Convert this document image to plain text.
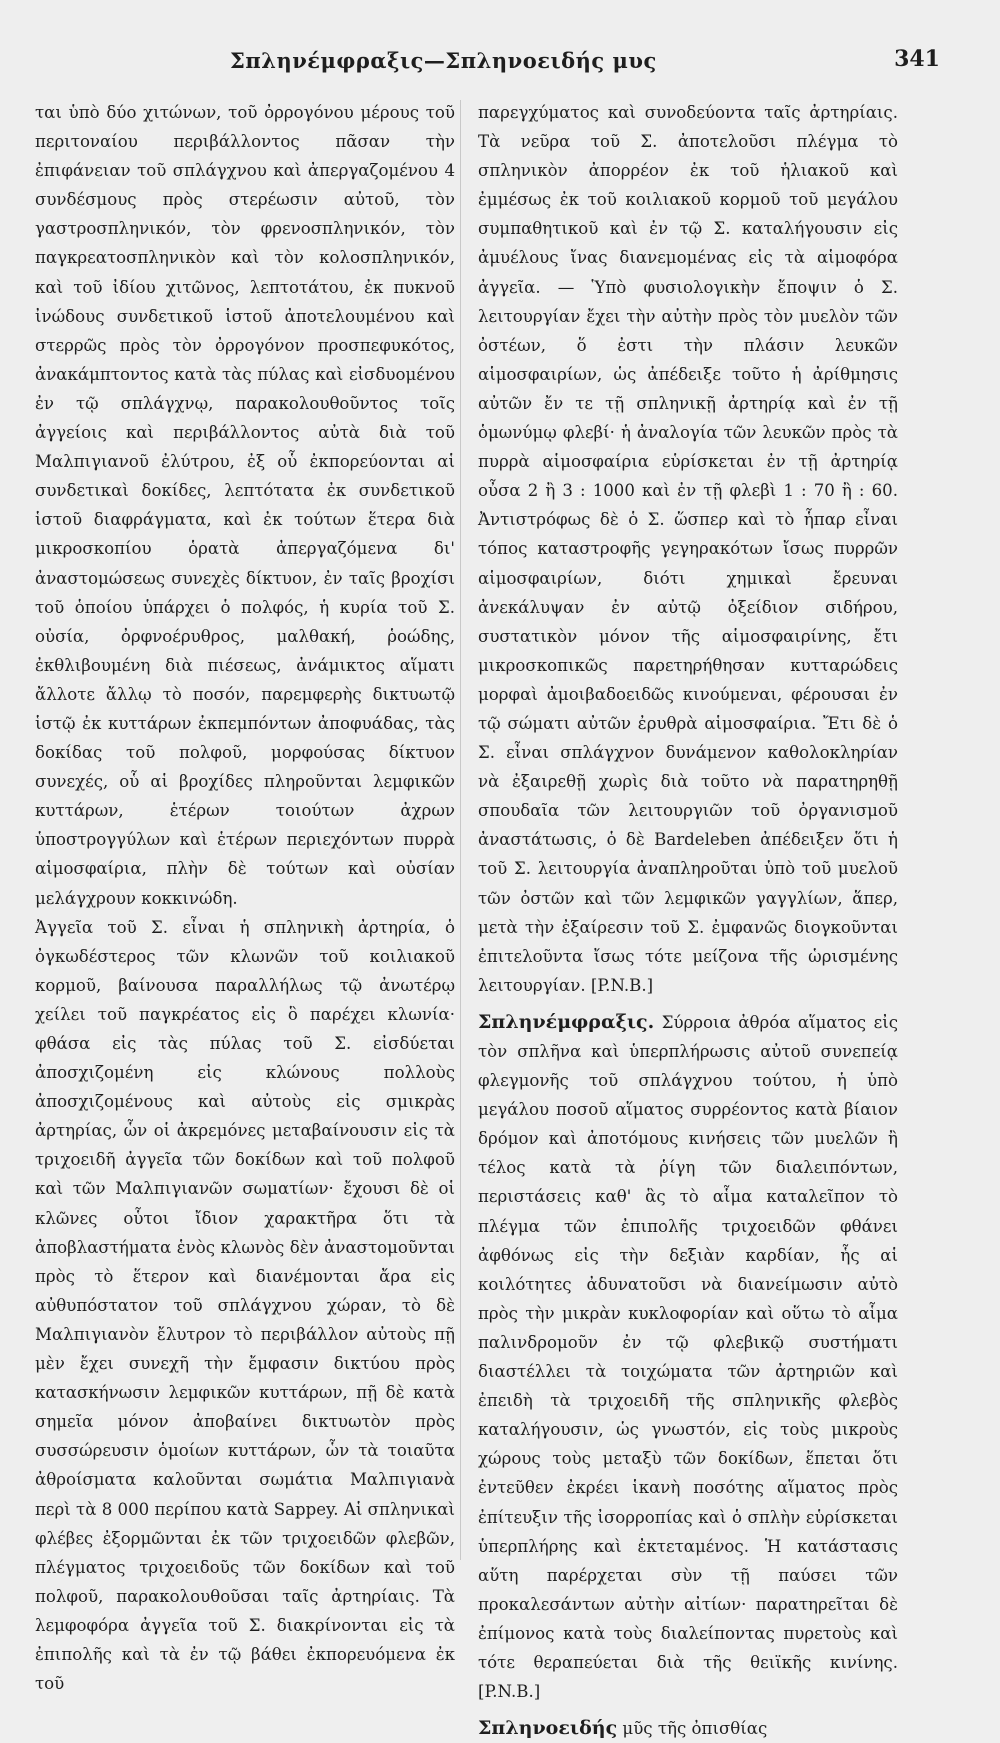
Σπληνέμφραξις—Σπληνοειδής μυς	341

ται ὑπὸ δύο χιτώνων, τοῦ ὀρρογόνου μέρους τοῦ περιτοναίου περιβάλλοντος πᾶσαν τὴν ἐπιφάνειαν τοῦ σπλάγχνου καὶ ἀπεργαζομένου 4 συνδέσμους πρὸς στερέωσιν αὐτοῦ, τὸν γαστροσπληνικόν, τὸν φρενοσπληνικόν, τὸν παγκρεατοσπληνικὸν καὶ τὸν κολοσπληνικόν, καὶ τοῦ ἰδίου χιτῶνος, λεπτοτάτου, ἐκ πυκνοῦ ἰνώδους συνδετικοῦ ἱστοῦ ἀποτελουμένου καὶ στερρῶς πρὸς τὸν ὀρρογόνον προσπεφυκότος, ἀνακάμπτοντος κατὰ τὰς πύλας καὶ εἰσδυομένου ἐν τῷ σπλάγχνῳ, παρακολουθοῦντος τοῖς ἀγγείοις καὶ περιβάλλοντος αὐτὰ διὰ τοῦ Μαλπιγιανοῦ ἐλύτρου, ἐξ οὗ ἐκπορεύονται αἱ συνδετικαὶ δοκίδες, λεπτότατα ἐκ συνδετικοῦ ἱστοῦ διαφράγματα, καὶ ἐκ τούτων ἕτερα διὰ μικροσκοπίου ὁρατὰ ἀπεργαζόμενα δι' ἀναστομώσεως συνεχὲς δίκτυον, ἐν ταῖς βροχίσι τοῦ ὁποίου ὑπάρχει ὁ πολφός, ἡ κυρία τοῦ Σ. οὐσία, ὀρφνοέρυθρος, μαλθακή, ῥοώδης, ἐκθλιβουμένη διὰ πιέσεως, ἀνάμικτος αἵματι ἄλλοτε ἄλλῳ τὸ ποσόν, παρεμφερὴς δικτυωτῷ ἱστῷ ἐκ κυττάρων ἐκπεμπόντων ἀποφυάδας, τὰς δοκίδας τοῦ πολφοῦ, μορφούσας δίκτυον συνεχές, οὗ αἱ βροχίδες πληροῦνται λεμφικῶν κυττάρων, ἑτέρων τοιούτων ἀχρων ὑποστρογγύλων καὶ ἑτέρων περιεχόντων πυρρὰ αἱμοσφαίρια, πλὴν δὲ τούτων καὶ οὐσίαν μελάγχρουν κοκκινώδη.

Ἀγγεῖα τοῦ Σ. εἶναι ἡ σπληνικὴ ἀρτηρία, ὁ ὀγκωδέστερος τῶν κλωνῶν τοῦ κοιλιακοῦ κορμοῦ, βαίνουσα παραλλήλως τῷ ἀνωτέρῳ χείλει τοῦ παγκρέατος εἰς ὃ παρέχει κλωνία· φθάσα εἰς τὰς πύλας τοῦ Σ. εἰσδύεται ἀποσχιζομένη εἰς κλώνους πολλοὺς ἀποσχιζομένους καὶ αὐτοὺς εἰς σμικρὰς ἀρτηρίας, ὧν οἱ ἀκρεμόνες μεταβαίνουσιν εἰς τὰ τριχοειδῆ ἀγγεῖα τῶν δοκίδων καὶ τοῦ πολφοῦ καὶ τῶν Μαλπιγιανῶν σωματίων· ἔχουσι δὲ οἱ κλῶνες οὗτοι ἴδιον χαρακτῆρα ὅτι τὰ ἀποβλαστήματα ἑνὸς κλωνὸς δὲν ἀναστομοῦνται πρὸς τὸ ἕτερον καὶ διανέμονται ἄρα εἰς αὐθυπόστατον τοῦ σπλάγχνου χώραν, τὸ δὲ Μαλπιγιανὸν ἔλυτρον τὸ περιβάλλον αὐτοὺς πῇ μὲν ἔχει συνεχῆ τὴν ἔμφασιν δικτύου πρὸς κατασκήνωσιν λεμφικῶν κυττάρων, πῇ δὲ κατὰ σημεῖα μόνον ἀποβαίνει δικτυωτὸν πρὸς συσσώρευσιν ὁμοίων κυττάρων, ὧν τὰ τοιαῦτα ἀθροίσματα καλοῦνται σωμάτια Μαλπιγιανὰ περὶ τὰ 8 000 περίπου κατὰ Sappey. Αἱ σπληνικαὶ φλέβες ἐξορμῶνται ἐκ τῶν τριχοειδῶν φλεβῶν, πλέγματος τριχοειδοῦς τῶν δοκίδων καὶ τοῦ πολφοῦ, παρακολουθοῦσαι ταῖς ἀρτηρίαις. Τὰ λεμφοφόρα ἀγγεῖα τοῦ Σ. διακρίνονται εἰς τὰ ἐπιπολῆς καὶ τὰ ἐν τῷ βάθει ἐκπορευόμενα ἐκ τοῦ

παρεγχύματος καὶ συνοδεύοντα ταῖς ἀρτηρίαις. Τὰ νεῦρα τοῦ Σ. ἀποτελοῦσι πλέγμα τὸ σπληνικὸν ἀπορρέον ἐκ τοῦ ἡλιακοῦ καὶ ἐμμέσως ἐκ τοῦ κοιλιακοῦ κορμοῦ τοῦ μεγάλου συμπαθητικοῦ καὶ ἐν τῷ Σ. καταλήγουσιν εἰς ἀμυέλους ἴνας διανεμομένας εἰς τὰ αἱμοφόρα ἀγγεῖα. — Ὑπὸ φυσιολογικὴν ἔποψιν ὁ Σ. λειτουργίαν ἔχει τὴν αὐτὴν πρὸς τὸν μυελὸν τῶν ὀστέων, ὅ ἐστι τὴν πλάσιν λευκῶν αἱμοσφαιρίων, ὡς ἀπέδειξε τοῦτο ἡ ἀρίθμησις αὐτῶν ἔν τε τῇ σπληνικῇ ἀρτηρίᾳ καὶ ἐν τῇ ὁμωνύμῳ φλεβί· ἡ ἀναλογία τῶν λευκῶν πρὸς τὰ πυρρὰ αἱμοσφαίρια εὑρίσκεται ἐν τῇ ἀρτηρίᾳ οὖσα 2 ἢ 3 : 1000 καὶ ἐν τῇ φλεβὶ 1 : 70 ἢ : 60. Ἀντιστρόφως δὲ ὁ Σ. ὥσπερ καὶ τὸ ἧπαρ εἶναι τόπος καταστροφῆς γεγηρακότων ἴσως πυρρῶν αἱμοσφαιρίων, διότι χημικαὶ ἔρευναι ἀνεκάλυψαν ἐν αὐτῷ ὀξείδιον σιδήρου, συστατικὸν μόνον τῆς αἱμοσφαιρίνης, ἔτι μικροσκοπικῶς παρετηρήθησαν κυτταρώδεις μορφαὶ ἀμοιβαδοειδῶς κινούμεναι, φέρουσαι ἐν τῷ σώματι αὐτῶν ἐρυθρὰ αἱμοσφαίρια. Ἔτι δὲ ὁ Σ. εἶναι σπλάγχνον δυνάμενον καθολοκληρίαν νὰ ἐξαιρεθῇ χωρὶς διὰ τοῦτο νὰ παρατηρηθῇ σπουδαῖα τῶν λειτουργιῶν τοῦ ὀργανισμοῦ ἀναστάτωσις, ὁ δὲ Bardeleben ἀπέδειξεν ὅτι ἡ τοῦ Σ. λειτουργία ἀναπληροῦται ὑπὸ τοῦ μυελοῦ τῶν ὀστῶν καὶ τῶν λεμφικῶν γαγγλίων, ἅπερ, μετὰ τὴν ἐξαίρεσιν τοῦ Σ. ἐμφανῶς διογκοῦνται ἐπιτελοῦντα ἴσως τότε μείζονα τῆς ὡρισμένης λειτουργίαν. [P.N.B.]

Σπληνέμφραξις. Σύρροια ἀθρόα αἵματος εἰς τὸν σπλῆνα καὶ ὑπερπλήρωσις αὐτοῦ συνεπείᾳ φλεγμονῆς τοῦ σπλάγχνου τούτου, ἡ ὑπὸ μεγάλου ποσοῦ αἵματος συρρέοντος κατὰ βίαιον δρόμον καὶ ἀποτόμους κινήσεις τῶν μυελῶν ἢ τέλος κατὰ τὰ ῥίγη τῶν διαλειπόντων, περιστάσεις καθ' ἃς τὸ αἷμα καταλεῖπον τὸ πλέγμα τῶν ἐπιπολῆς τριχοειδῶν φθάνει ἀφθόνως εἰς τὴν δεξιὰν καρδίαν, ἧς αἱ κοιλότητες ἀδυνατοῦσι νὰ διανείμωσιν αὐτὸ πρὸς τὴν μικρὰν κυκλοφορίαν καὶ οὕτω τὸ αἷμα παλινδρομοῦν ἐν τῷ φλεβικῷ συστήματι διαστέλλει τὰ τοιχώματα τῶν ἀρτηριῶν καὶ ἐπειδὴ τὰ τριχοειδῆ τῆς σπληνικῆς φλεβὸς καταλήγουσιν, ὡς γνωστόν, εἰς τοὺς μικροὺς χώρους τοὺς μεταξὺ τῶν δοκίδων, ἕπεται ὅτι ἐντεῦθεν ἐκρέει ἱκανὴ ποσότης αἵματος πρὸς ἐπίτευξιν τῆς ἰσορροπίας καὶ ὁ σπλὴν εὑρίσκεται ὑπερπλήρης καὶ ἐκτεταμένος. Ἡ κατάστασις αὕτη παρέρχεται σὺν τῇ παύσει τῶν προκαλεσάντων αὐτὴν αἰτίων· παρατηρεῖται δὲ ἐπίμονος κατὰ τοὺς διαλείποντας πυρετοὺς καὶ τότε θεραπεύεται διὰ τῆς θειϊκῆς κινίνης. [P.N.B.]

Σπληνοειδής μῦς τῆς ὀπισθίας
